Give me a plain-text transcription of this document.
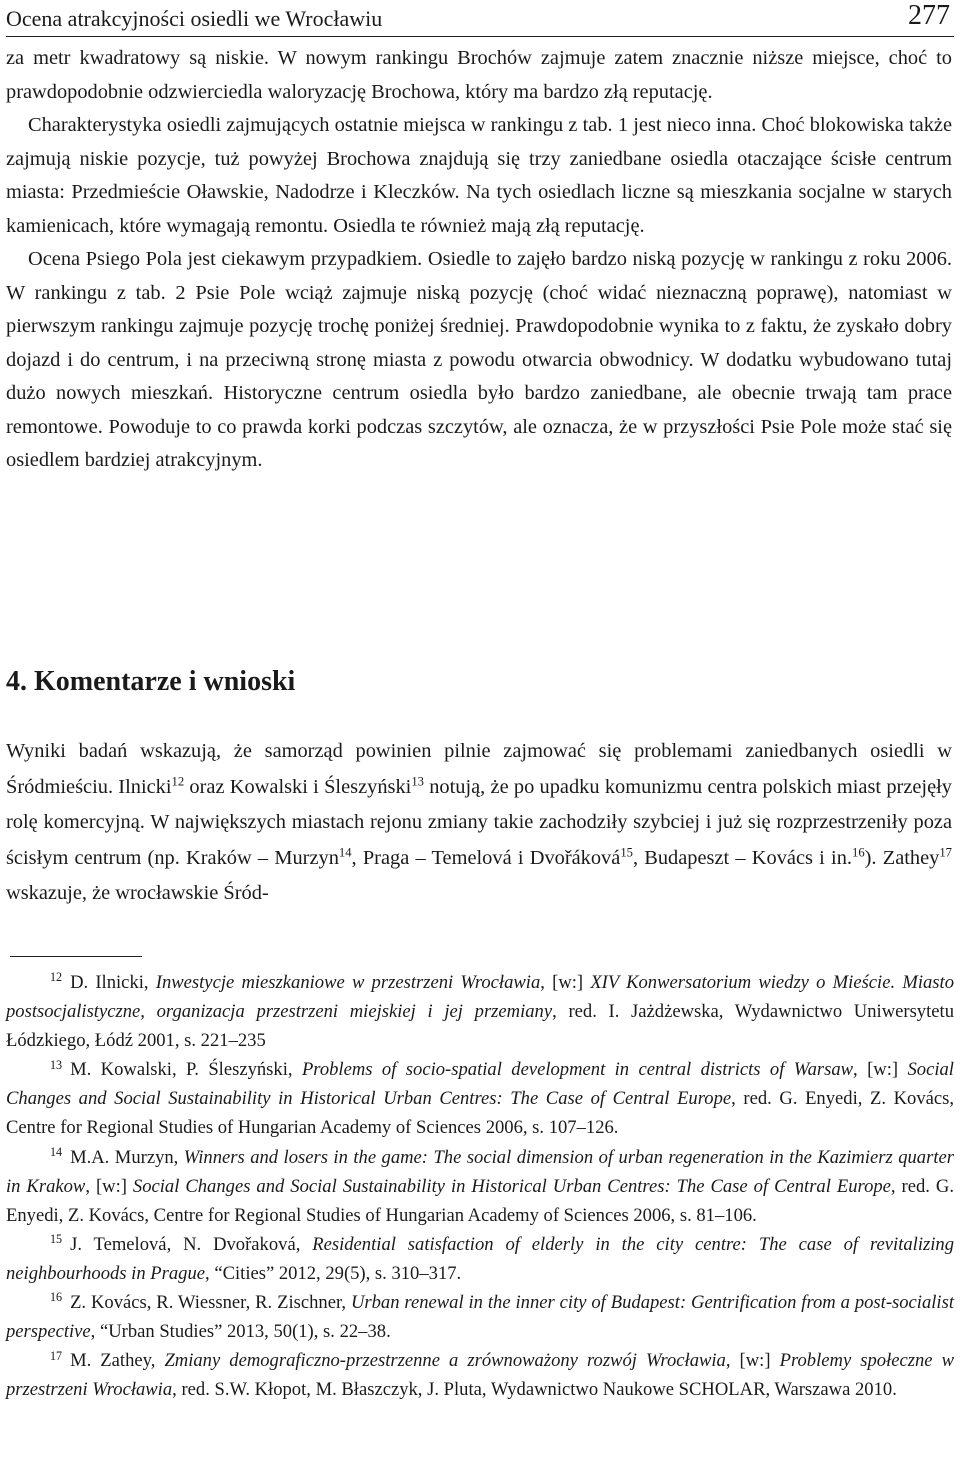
Ocena atrakcyjności osiedli we Wrocławiu	277

za metr kwadratowy są niskie. W nowym rankingu Brochów zajmuje zatem znacznie niższe miejsce, choć to prawdopodobnie odzwierciedla waloryzację Brochowa, który ma bardzo złą reputację.

Charakterystyka osiedli zajmujących ostatnie miejsca w rankingu z tab. 1 jest nieco inna. Choć blokowiska także zajmują niskie pozycje, tuż powyżej Brochowa znajdują się trzy zaniedbane osiedla otaczające ścisłe centrum miasta: Przedmieście Oławskie, Nadodrze i Kleczków. Na tych osiedlach liczne są mieszkania socjalne w starych kamienicach, które wymagają remontu. Osiedla te również mają złą reputację.

Ocena Psiego Pola jest ciekawym przypadkiem. Osiedle to zajęło bardzo niską pozycję w rankingu z roku 2006. W rankingu z tab. 2 Psie Pole wciąż zajmuje niską pozycję (choć widać nieznaczną poprawę), natomiast w pierwszym rankingu zajmuje pozycję trochę poniżej średniej. Prawdopodobnie wynika to z faktu, że zyskało dobry dojazd i do centrum, i na przeciwną stronę miasta z powodu otwarcia obwodnicy. W dodatku wybudowano tutaj dużo nowych mieszkań. Historyczne centrum osiedla było bardzo zaniedbane, ale obecnie trwają tam prace remontowe. Powoduje to co prawda korki podczas szczytów, ale oznacza, że w przyszłości Psie Pole może stać się osiedlem bardziej atrakcyjnym.

4. Komentarze i wnioski

Wyniki badań wskazują, że samorząd powinien pilnie zajmować się problemami zaniedbanych osiedli w Śródmieściu. Ilnicki$^{12}$ oraz Kowalski i Śleszyński$^{13}$ notują, że po upadku komunizmu centra polskich miast przejęły rolę komercyjną. W największych miastach rejonu zmiany takie zachodziły szybciej i już się rozprzestrzeniły poza ścisłym centrum (np. Kraków – Murzyn$^{14}$, Praga – Temelová i Dvořáková$^{15}$, Budapeszt – Kovács i in.$^{16}$). Zathey$^{17}$ wskazuje, że wrocławskie Śród-

$^{12}$ D. Ilnicki, Inwestycje mieszkaniowe w przestrzeni Wrocławia, [w:] XIV Konwersatorium wiedzy o Mieście. Miasto postsocjalistyczne, organizacja przestrzeni miejskiej i jej przemiany, red. I. Jażdżewska, Wydawnictwo Uniwersytetu Łódzkiego, Łódź 2001, s. 221–235

$^{13}$ M. Kowalski, P. Śleszyński, Problems of socio-spatial development in central districts of Warsaw, [w:] Social Changes and Social Sustainability in Historical Urban Centres: The Case of Central Europe, red. G. Enyedi, Z. Kovács, Centre for Regional Studies of Hungarian Academy of Sciences 2006, s. 107–126.

$^{14}$ M.A. Murzyn, Winners and losers in the game: The social dimension of urban regeneration in the Kazimierz quarter in Krakow, [w:] Social Changes and Social Sustainability in Historical Urban Centres: The Case of Central Europe, red. G. Enyedi, Z. Kovács, Centre for Regional Studies of Hungarian Academy of Sciences 2006, s. 81–106.

$^{15}$ J. Temelová, N. Dvořaková, Residential satisfaction of elderly in the city centre: The case of revitalizing neighbourhoods in Prague, “Cities” 2012, 29(5), s. 310–317.

$^{16}$ Z. Kovács, R. Wiessner, R. Zischner, Urban renewal in the inner city of Budapest: Gentrification from a post-socialist perspective, “Urban Studies” 2013, 50(1), s. 22–38.

$^{17}$ M. Zathey, Zmiany demograficzno-przestrzenne a zrównoważony rozwój Wrocławia, [w:] Problemy społeczne w przestrzeni Wrocławia, red. S.W. Kłopot, M. Błaszczyk, J. Pluta, Wydawnictwo Naukowe SCHOLAR, Warszawa 2010.
